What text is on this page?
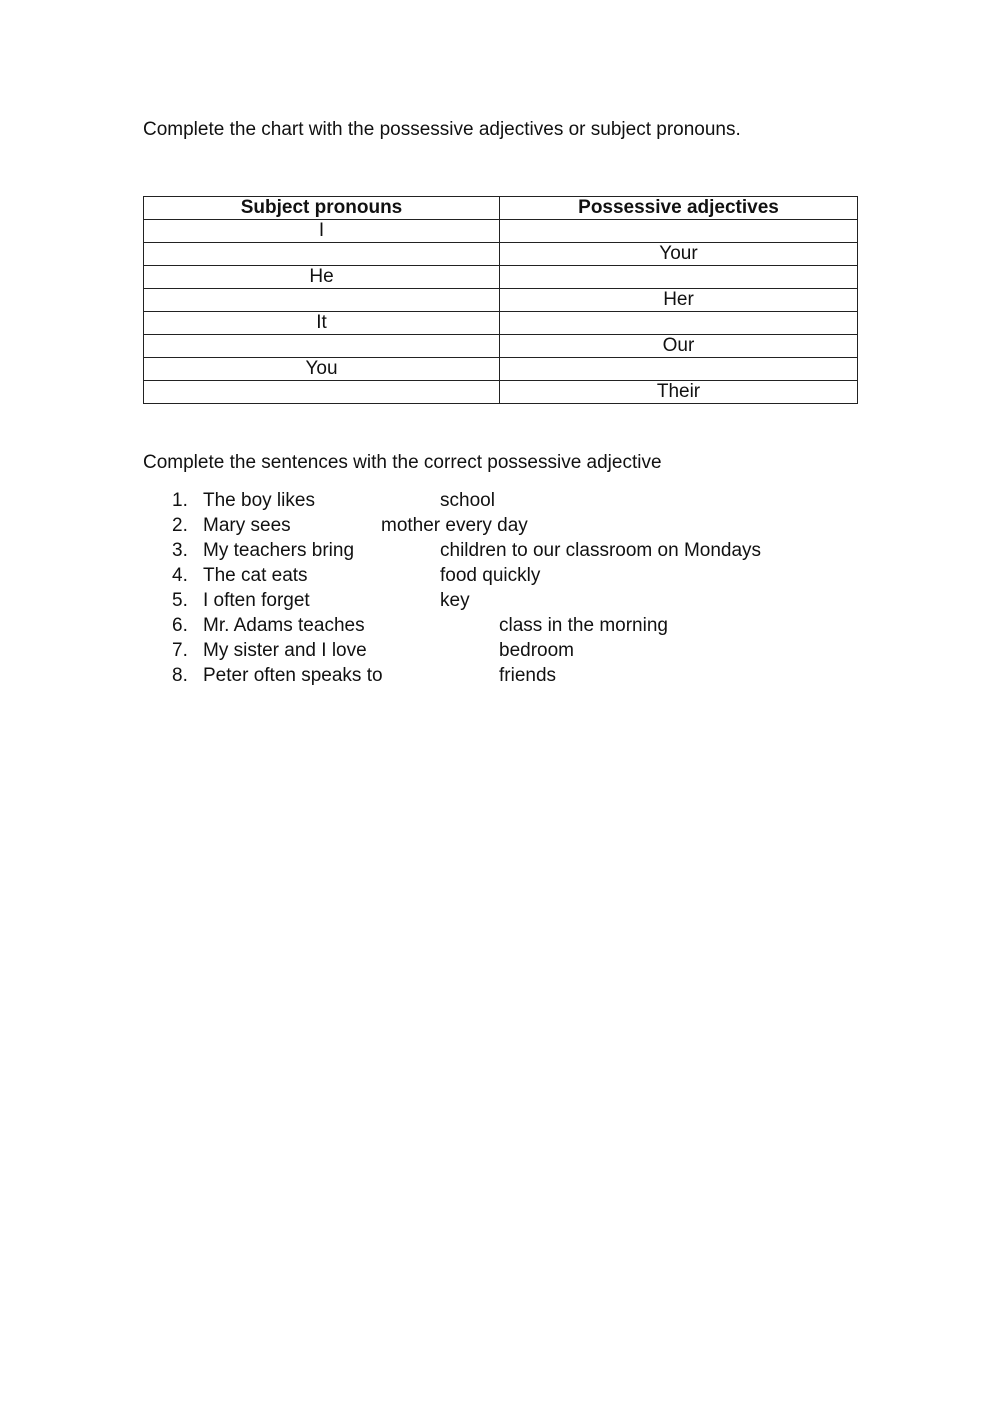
Complete the chart with the possessive adjectives or subject pronouns.

Subject pronouns	Possessive adjectives
I	
	Your
He	
	Her
It	
	Our
You	
	Their

Complete the sentences with the correct possessive adjective

1. The boy likes	school
2. Mary sees	mother every day
3. My teachers bring	children to our classroom on Mondays
4. The cat eats	food quickly
5. I often forget	key
6. Mr. Adams teaches	class in the morning
7. My sister and I love	bedroom
8. Peter often speaks to	friends
